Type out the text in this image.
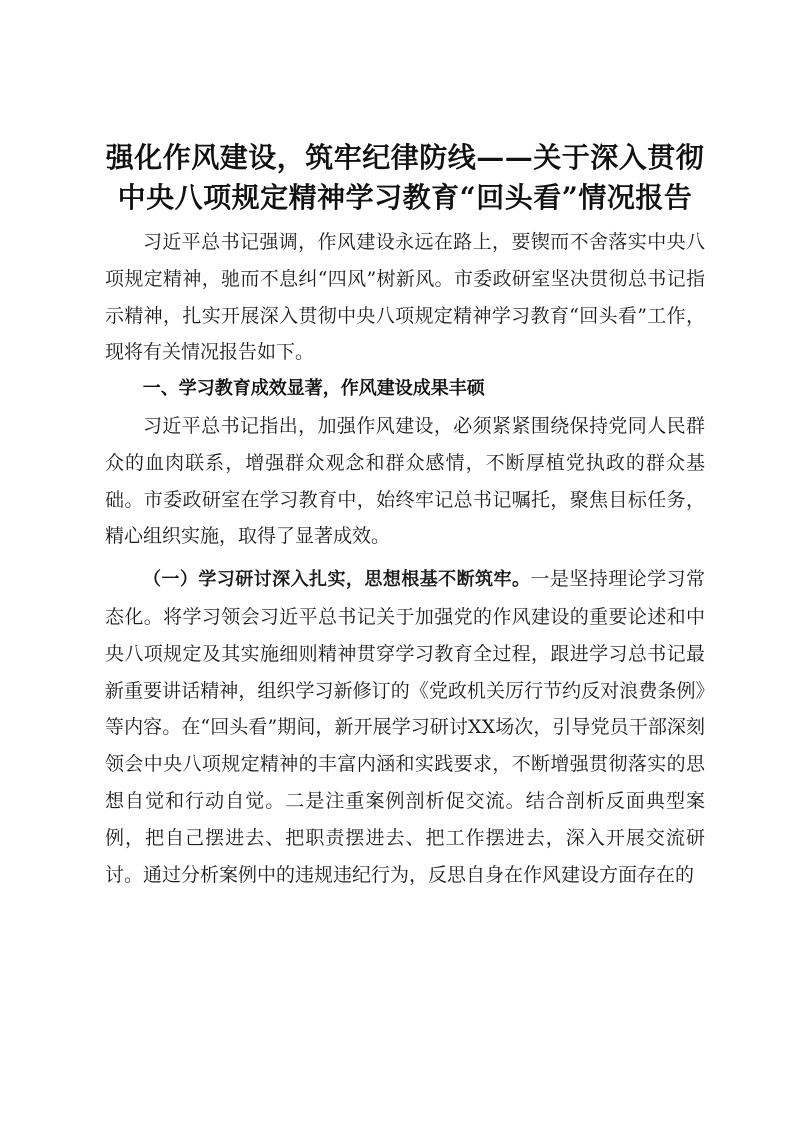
强化作风建设，筑牢纪律防线——关于深入贯彻中央八项规定精神学习教育“回头看”情况报告

习近平总书记强调，作风建设永远在路上，要锲而不舍落实中央八项规定精神，驰而不息纠“四风”树新风。市委政研室坚决贯彻总书记指示精神，扎实开展深入贯彻中央八项规定精神学习教育“回头看”工作，现将有关情况报告如下。

一、学习教育成效显著，作风建设成果丰硕

习近平总书记指出，加强作风建设，必须紧紧围绕保持党同人民群众的血肉联系，增强群众观念和群众感情，不断厚植党执政的群众基础。市委政研室在学习教育中，始终牢记总书记嘱托，聚焦目标任务，精心组织实施，取得了显著成效。

（一）学习研讨深入扎实，思想根基不断筑牢。一是坚持理论学习常态化。将学习领会习近平总书记关于加强党的作风建设的重要论述和中央八项规定及其实施细则精神贯穿学习教育全过程，跟进学习总书记最新重要讲话精神，组织学习新修订的《党政机关厉行节约反对浪费条例》等内容。在“回头看”期间，新开展学习研讨XX场次，引导党员干部深刻领会中央八项规定精神的丰富内涵和实践要求，不断增强贯彻落实的思想自觉和行动自觉。二是注重案例剖析促交流。结合剖析反面典型案例，把自己摆进去、把职责摆进去、把工作摆进去，深入开展交流研讨。通过分析案例中的违规违纪行为，反思自身在作风建设方面存在的
